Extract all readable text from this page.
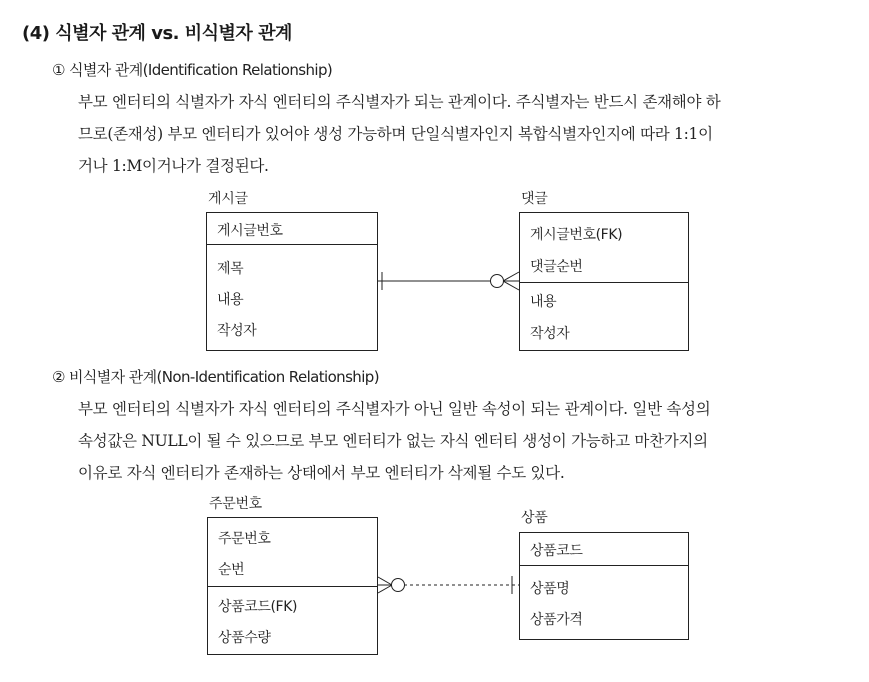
(4) 식별자 관계 vs. 비식별자 관계
① 식별자 관계(Identification Relationship)
부모 엔터티의 식별자가 자식 엔터티의 주식별자가 되는 관계이다. 주식별자는 반드시 존재해야 하
므로(존재성) 부모 엔터티가 있어야 생성 가능하며 단일식별자인지 복합식별자인지에 따라 1:1이
거나 1:M이거나가 결정된다.
게시글
게시글번호
제목
내용
작성자
댓글
게시글번호(FK)
댓글순번
내용
작성자
② 비식별자 관계(Non-Identification Relationship)
부모 엔터티의 식별자가 자식 엔터티의 주식별자가 아닌 일반 속성이 되는 관계이다. 일반 속성의
속성값은 NULL이 될 수 있으므로 부모 엔터티가 없는 자식 엔터티 생성이 가능하고 마찬가지의
이유로 자식 엔터티가 존재하는 상태에서 부모 엔터티가 삭제될 수도 있다.
주문번호
주문번호
순번
상품코드(FK)
상품수량
상품
상품코드
상품명
상품가격
